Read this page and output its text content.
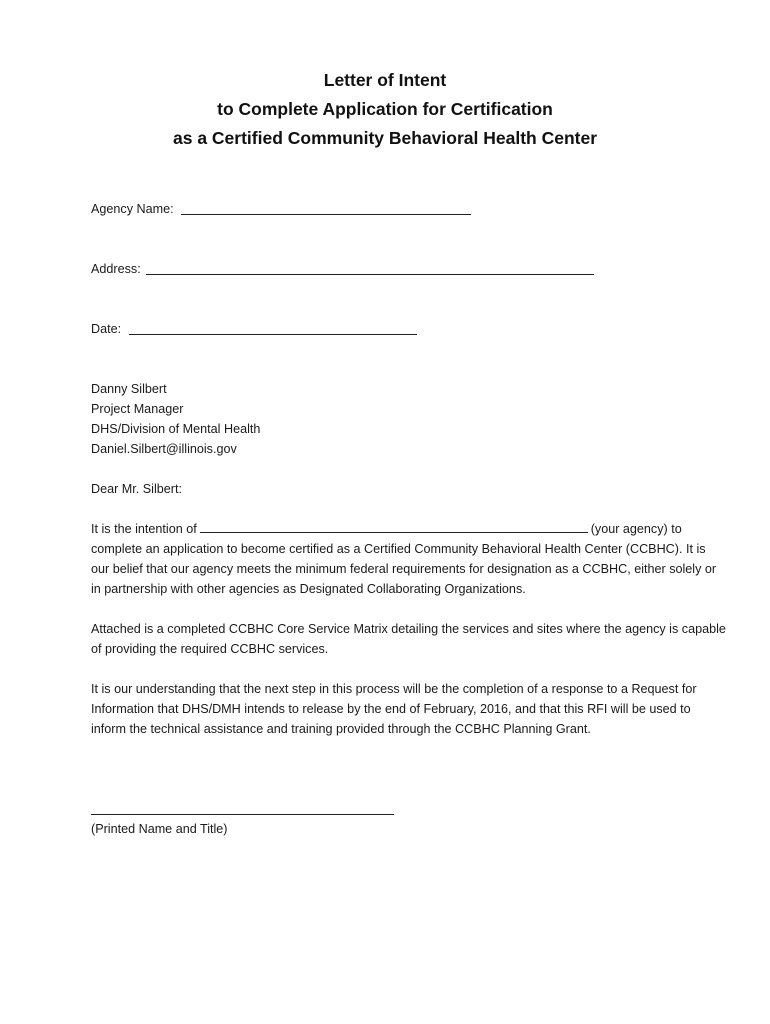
Letter of Intent
to Complete Application for Certification
as a Certified Community Behavioral Health Center
Agency Name:
Address:
Date:
Danny Silbert
Project Manager
DHS/Division of Mental Health
Daniel.Silbert@illinois.gov
Dear Mr. Silbert:
It is the intention of	(your agency) to
complete an application to become certified as a Certified Community Behavioral Health Center (CCBHC). It is
our belief that our agency meets the minimum federal requirements for designation as a CCBHC, either solely or
in partnership with other agencies as Designated Collaborating Organizations.
Attached is a completed CCBHC Core Service Matrix detailing the services and sites where the agency is capable
of providing the required CCBHC services.
It is our understanding that the next step in this process will be the completion of a response to a Request for
Information that DHS/DMH intends to release by the end of February, 2016, and that this RFI will be used to
inform the technical assistance and training provided through the CCBHC Planning Grant.
(Printed Name and Title)
